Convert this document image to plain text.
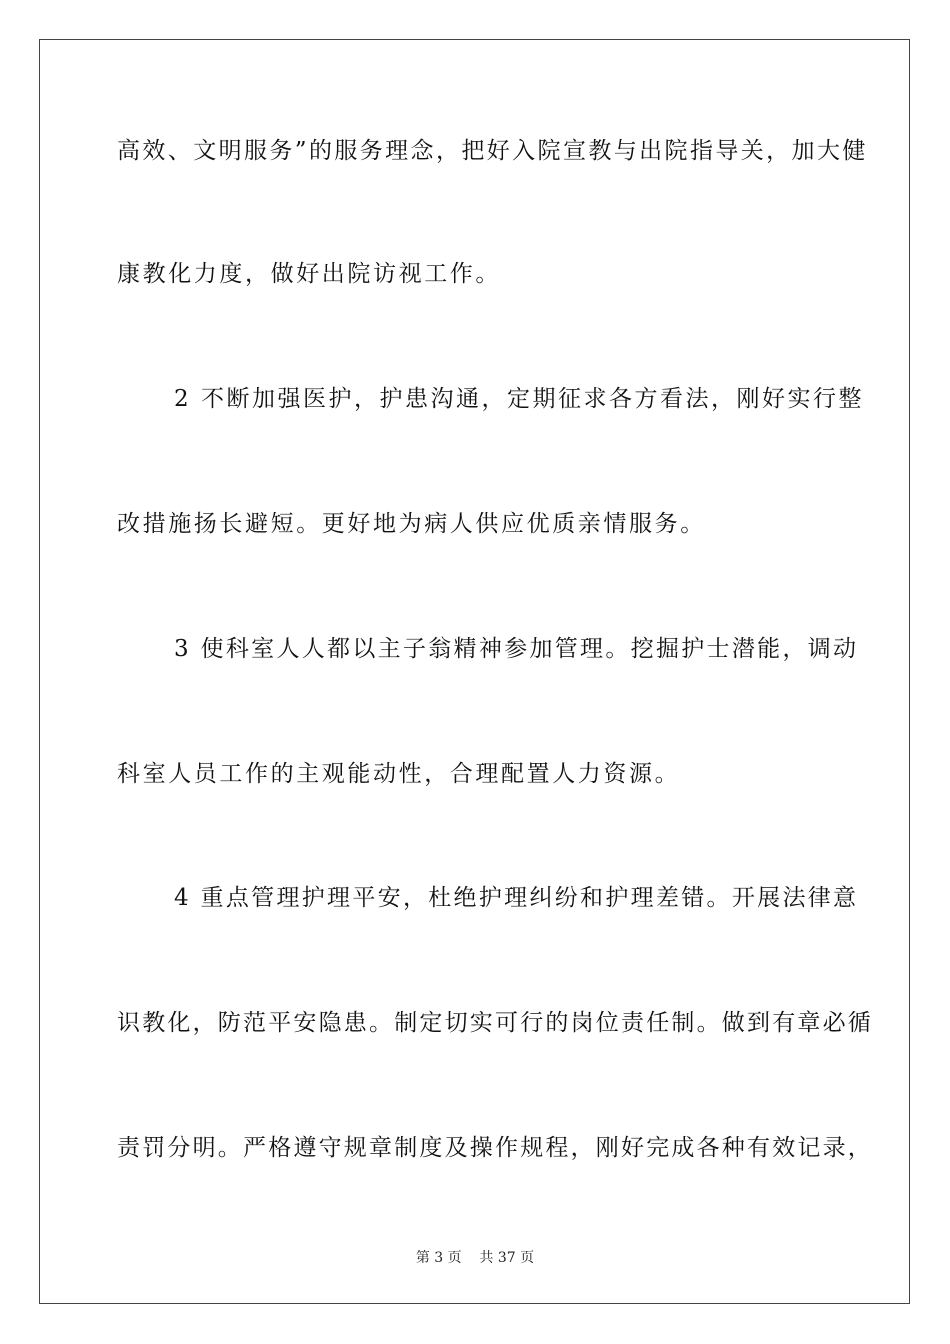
高效、文明服务”的服务理念，把好入院宣教与出院指导关，加大健
康教化力度，做好出院访视工作。
2 不断加强医护，护患沟通，定期征求各方看法，刚好实行整
改措施扬长避短。更好地为病人供应优质亲情服务。
3 使科室人人都以主子翁精神参加管理。挖掘护士潜能，调动
科室人员工作的主观能动性，合理配置人力资源。
4 重点管理护理平安，杜绝护理纠纷和护理差错。开展法律意
识教化，防范平安隐患。制定切实可行的岗位责任制。做到有章必循
责罚分明。严格遵守规章制度及操作规程，刚好完成各种有效记录，
第 3 页    共 37 页
